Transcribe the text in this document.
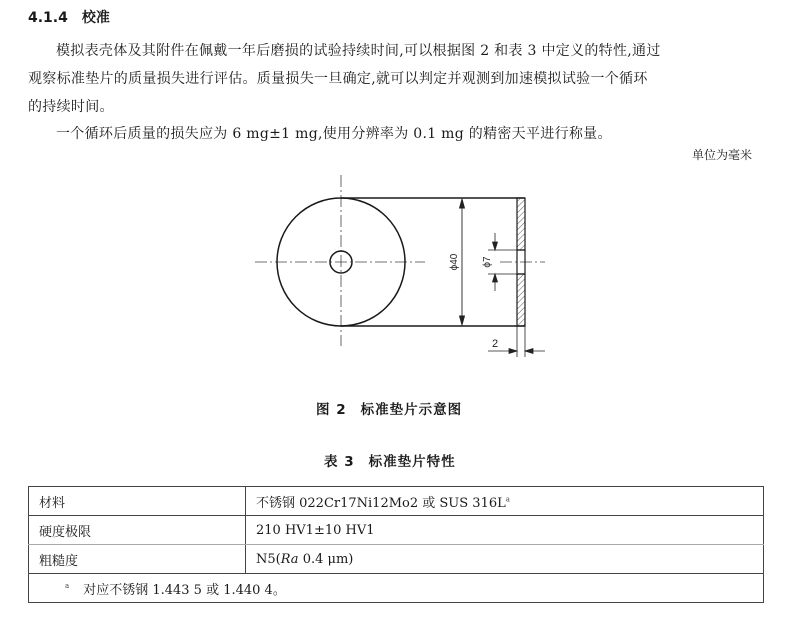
4.1.4 校准
模拟表壳体及其附件在佩戴一年后磨损的试验持续时间,可以根据图 2 和表 3 中定义的特性,通过
观察标准垫片的质量损失进行评估。质量损失一旦确定,就可以判定并观测到加速模拟试验一个循环
的持续时间。
一个循环后质量的损失应为 6 mg±1 mg,使用分辨率为 0.1 mg 的精密天平进行称量。
单位为毫米
ϕ40 ϕ7
2
图 2 标准垫片示意图
表 3 标准垫片特性
材料	不锈钢 022Cr17Ni12Mo2 或 SUS 316L$^a$
硬度极限	210 HV1±10 HV1
粗糙度	N5(Ra 0.4 μm)
$^a$ 对应不锈钢 1.443 5 或 1.440 4。	
